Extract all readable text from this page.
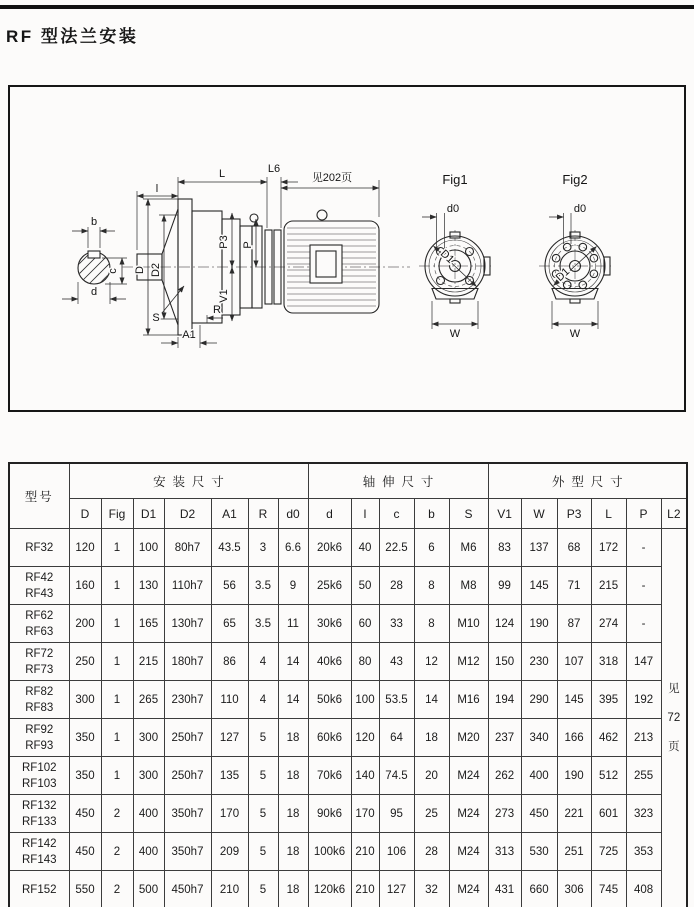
RF 型法兰安装
b
c
d
l
L	L6
见202页
D D2
P3 P
V1
S
A1
R
Fig1
D1
d0
W
Fig2
D1
d0
W
型号	安装尺寸							轴伸尺寸					外型尺寸					
	D	Fig	D1	D2	A1	R	d0	d	l	c	b	S	V1	W	P3	L	P	L2

RF32	120	1	100	80h7	43.5	3	6.6	20k6	40	22.5	6	M6	83	137	68	172	-	见
72
页

RF42
RF43	160	1	130	110h7	56	3.5	9	25k6	50	28	8	M8	99	145	71	215	-	

RF62
RF63	200	1	165	130h7	65	3.5	11	30k6	60	33	8	M10	124	190	87	274	-	

RF72
RF73	250	1	215	180h7	86	4	14	40k6	80	43	12	M12	150	230	107	318	147	

RF82
RF83	300	1	265	230h7	110	4	14	50k6	100	53.5	14	M16	194	290	145	395	192	

RF92
RF93	350	1	300	250h7	127	5	18	60k6	120	64	18	M20	237	340	166	462	213	

RF102
RF103	350	1	300	250h7	135	5	18	70k6	140	74.5	20	M24	262	400	190	512	255	

RF132
RF133	450	2	400	350h7	170	5	18	90k6	170	95	25	M24	273	450	221	601	323	

RF142
RF143	450	2	400	350h7	209	5	18	100k6	210	106	28	M24	313	530	251	725	353	

RF152	550	2	500	450h7	210	5	18	120k6	210	127	32	M24	431	660	306	745	408	
